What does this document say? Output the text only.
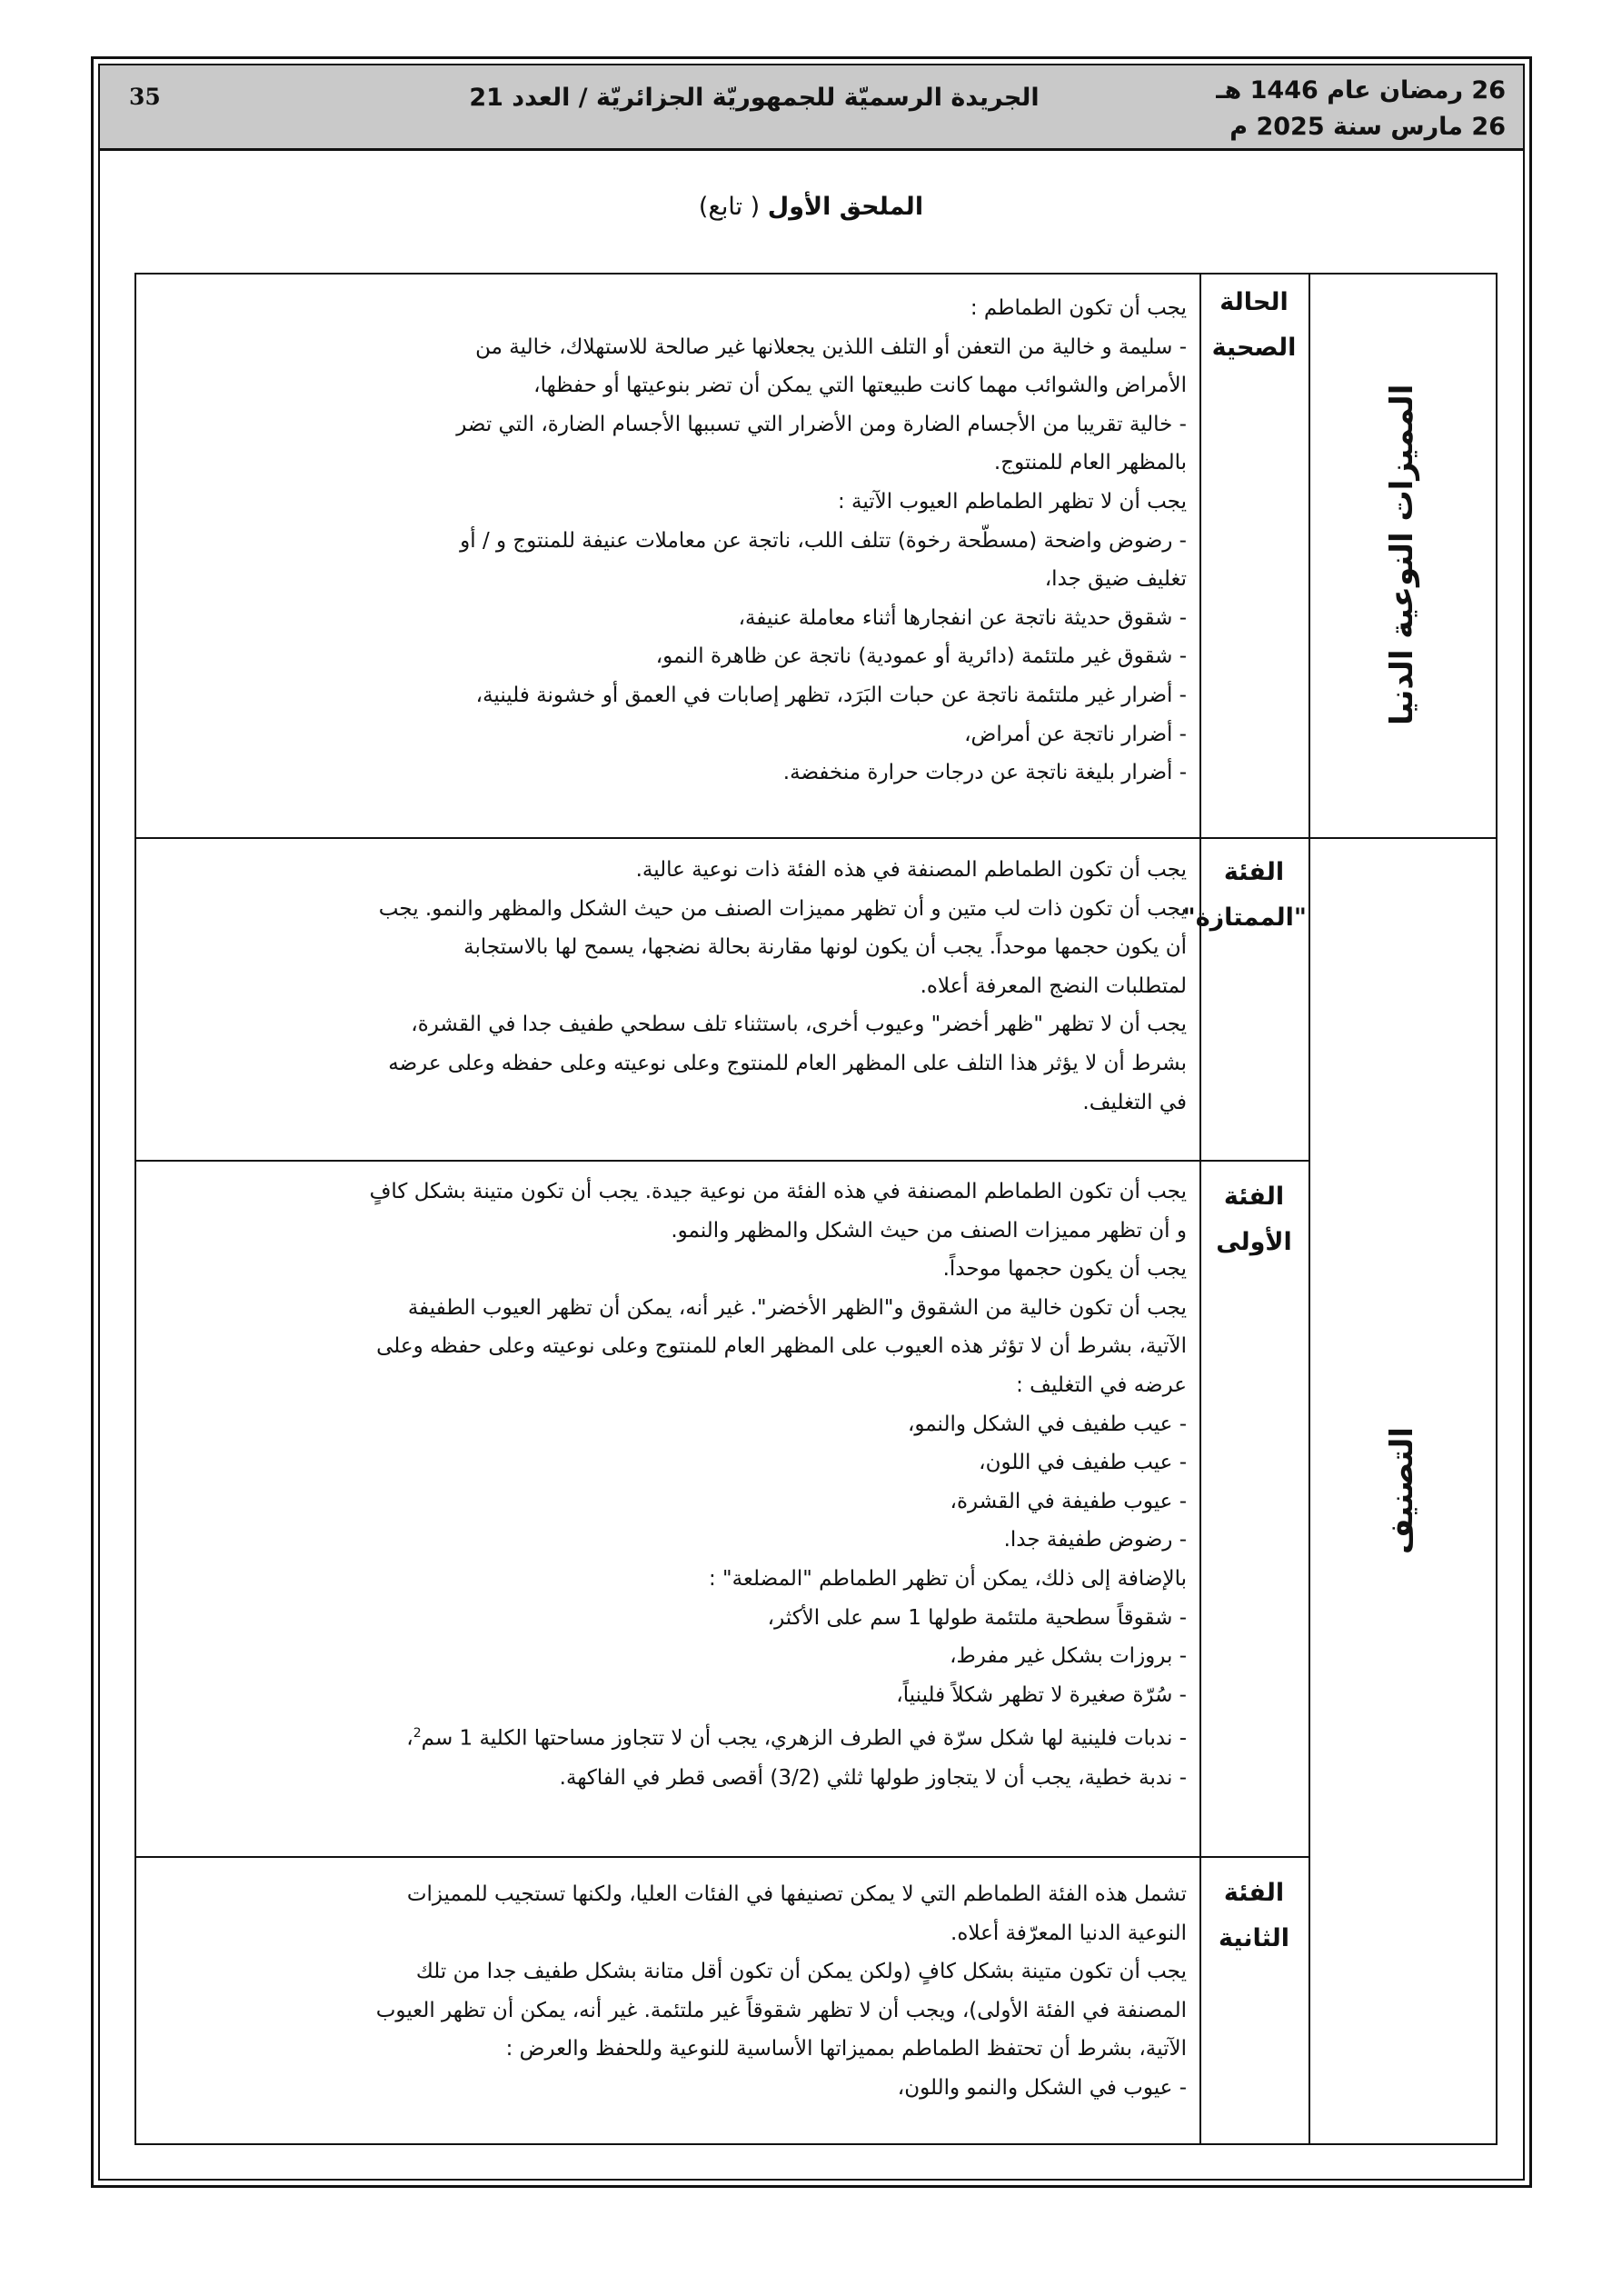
35	الجريدة الرسميّة للجمهوريّة الجزائريّة / العدد 21	26 رمضان عام 1446 هـ
26 مارس سنة 2025 م
الملحق الأول ( تابع)
المميزات النوعية الدنيا
التصنيف
الحالة
الصحية
الفئة
"الممتازة"
الفئة الأولى
الفئة الثانية

يجب أن تكون الطماطم :

- سليمة و خالية من التعفن أو التلف اللذين يجعلانها غير صالحة للاستهلاك، خالية من

الأمراض والشوائب مهما كانت طبيعتها التي يمكن أن تضر بنوعيتها أو حفظها،

- خالية تقريبا من الأجسام الضارة ومن الأضرار التي تسببها الأجسام الضارة، التي تضر

بالمظهر العام للمنتوج.

يجب أن لا تظهر الطماطم العيوب الآتية :

- رضوض واضحة (مسطّحة رخوة) تتلف اللب، ناتجة عن معاملات عنيفة للمنتوج و / أو

تغليف ضيق جدا،

- شقوق حديثة ناتجة عن انفجارها أثناء معاملة عنيفة،

- شقوق غير ملتئمة (دائرية أو عمودية) ناتجة عن ظاهرة النمو،

- أضرار غير ملتئمة ناتجة عن حبات البَرَد، تظهر إصابات في العمق أو خشونة فلينية،

- أضرار ناتجة عن أمراض،

- أضرار بليغة ناتجة عن درجات حرارة منخفضة.

يجب أن تكون الطماطم المصنفة في هذه الفئة ذات نوعية عالية.

يجب أن تكون ذات لب متين و أن تظهر مميزات الصنف من حيث الشكل والمظهر والنمو. يجب

أن يكون حجمها موحداً. يجب أن يكون لونها مقارنة بحالة نضجها، يسمح لها بالاستجابة

لمتطلبات النضج المعرفة أعلاه.

يجب أن لا تظهر "ظهر أخضر" وعيوب أخرى، باستثناء تلف سطحي طفيف جدا في القشرة،

بشرط أن لا يؤثر هذا التلف على المظهر العام للمنتوج وعلى نوعيته وعلى حفظه وعلى عرضه

في التغليف.

يجب أن تكون الطماطم المصنفة في هذه الفئة من نوعية جيدة. يجب أن تكون متينة بشكل كافٍ

و أن تظهر مميزات الصنف من حيث الشكل والمظهر والنمو.

يجب أن يكون حجمها موحداً.

يجب أن تكون خالية من الشقوق و"الظهر الأخضر". غير أنه، يمكن أن تظهر العيوب الطفيفة

الآتية، بشرط أن لا تؤثر هذه العيوب على المظهر العام للمنتوج وعلى نوعيته وعلى حفظه وعلى

عرضه في التغليف :

- عيب طفيف في الشكل والنمو،

- عيب طفيف في اللون،

- عيوب طفيفة في القشرة،

- رضوض طفيفة جدا.

بالإضافة إلى ذلك، يمكن أن تظهر الطماطم "المضلعة" :

- شقوقاً سطحية ملتئمة طولها 1 سم على الأكثر،

- بروزات بشكل غير مفرط،

- سُرّة صغيرة لا تظهر شكلاً فلينياً،

- ندبات فلينية لها شكل سرّة في الطرف الزهري، يجب أن لا تتجاوز مساحتها الكلية 1 سم$^2$،

- ندبة خطية، يجب أن لا يتجاوز طولها ثلثي (3/2) أقصى قطر في الفاكهة.

تشمل هذه الفئة الطماطم التي لا يمكن تصنيفها في الفئات العليا، ولكنها تستجيب للمميزات

النوعية الدنيا المعرّفة أعلاه.

يجب أن تكون متينة بشكل كافٍ (ولكن يمكن أن تكون أقل متانة بشكل طفيف جدا من تلك

المصنفة في الفئة الأولى)، ويجب أن لا تظهر شقوقاً غير ملتئمة. غير أنه، يمكن أن تظهر العيوب

الآتية، بشرط أن تحتفظ الطماطم بمميزاتها الأساسية للنوعية وللحفظ والعرض :

- عيوب في الشكل والنمو واللون،
